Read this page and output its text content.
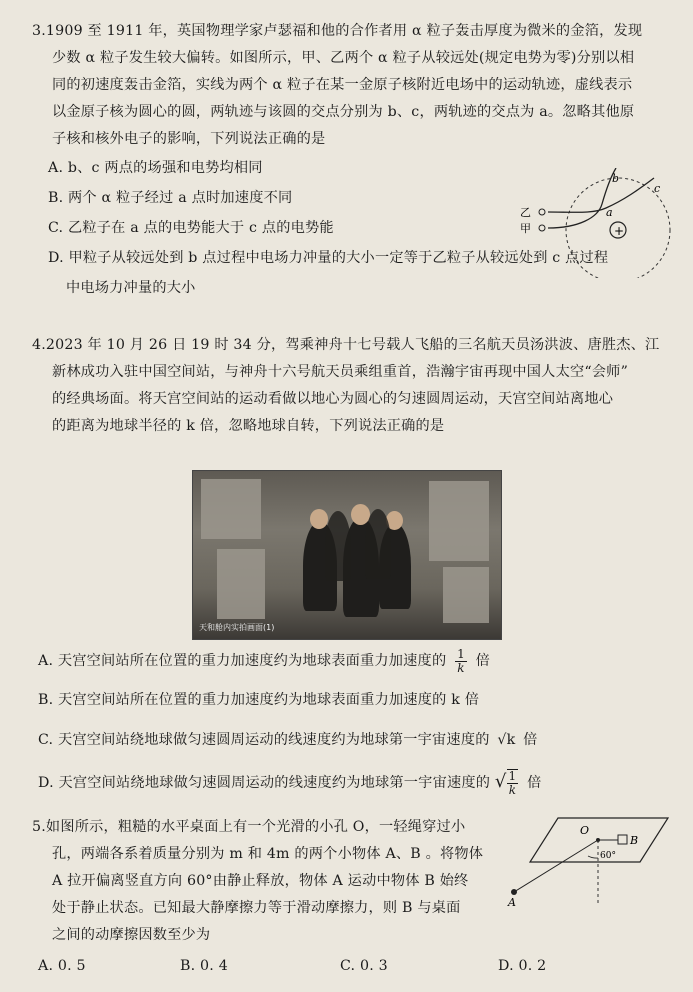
3.1909 至 1911 年，英国物理学家卢瑟福和他的合作者用 α 粒子轰击厚度为微米的金箔，发现
少数 α 粒子发生较大偏转。如图所示，甲、乙两个 α 粒子从较远处(规定电势为零)分别以相
同的初速度轰击金箔，实线为两个 α 粒子在某一金原子核附近电场中的运动轨迹，虚线表示
以金原子核为圆心的圆，两轨迹与该圆的交点分别为 b、c，两轨迹的交点为 a。忽略其他原
子核和核外电子的影响，下列说法正确的是
A. b、c 两点的场强和电势均相同
B. 两个 α 粒子经过 a 点时加速度不同
C. 乙粒子在 a 点的电势能大于 c 点的电势能
D. 甲粒子从较远处到 b 点过程中电场力冲量的大小一定等于乙粒子从较远处到 c 点过程
中电场力冲量的大小
+
乙
甲
b
c
a
4.2023 年 10 月 26 日 19 时 34 分，驾乘神舟十七号载人飞船的三名航天员汤洪波、唐胜杰、江
新林成功入驻中国空间站，与神舟十六号航天员乘组重首，浩瀚宇宙再现中国人太空“会师”
的经典场面。将天宫空间站的运动看做以地心为圆心的匀速圆周运动，天宫空间站离地心
的距离为地球半径的 k 倍，忽略地球自转，下列说法正确的是
天和舱内实拍画面(1)
A. 天宫空间站所在位置的重力加速度约为地球表面重力加速度的 $\frac{1}{k}$ 倍
B. 天宫空间站所在位置的重力加速度约为地球表面重力加速度的 k 倍
C. 天宫空间站绕地球做匀速圆周运动的线速度约为地球第一宇宙速度的 √k 倍
D. 天宫空间站绕地球做匀速圆周运动的线速度约为地球第一宇宙速度的 √ $\frac{1}{k}$ 倍
5.如图所示，粗糙的水平桌面上有一个光滑的小孔 O，一轻绳穿过小
孔，两端各系着质量分别为 m 和 4m 的两个小物体 A、B 。将物体
A 拉开偏离竖直方向 60°由静止释放，物体 A 运动中物体 B 始终
处于静止状态。已知最大静摩擦力等于滑动摩擦力，则 B 与桌面
之间的动摩擦因数至少为
A. 0. 5	B. 0. 4	C. 0. 3	D. 0. 2
O
B
60°
A
